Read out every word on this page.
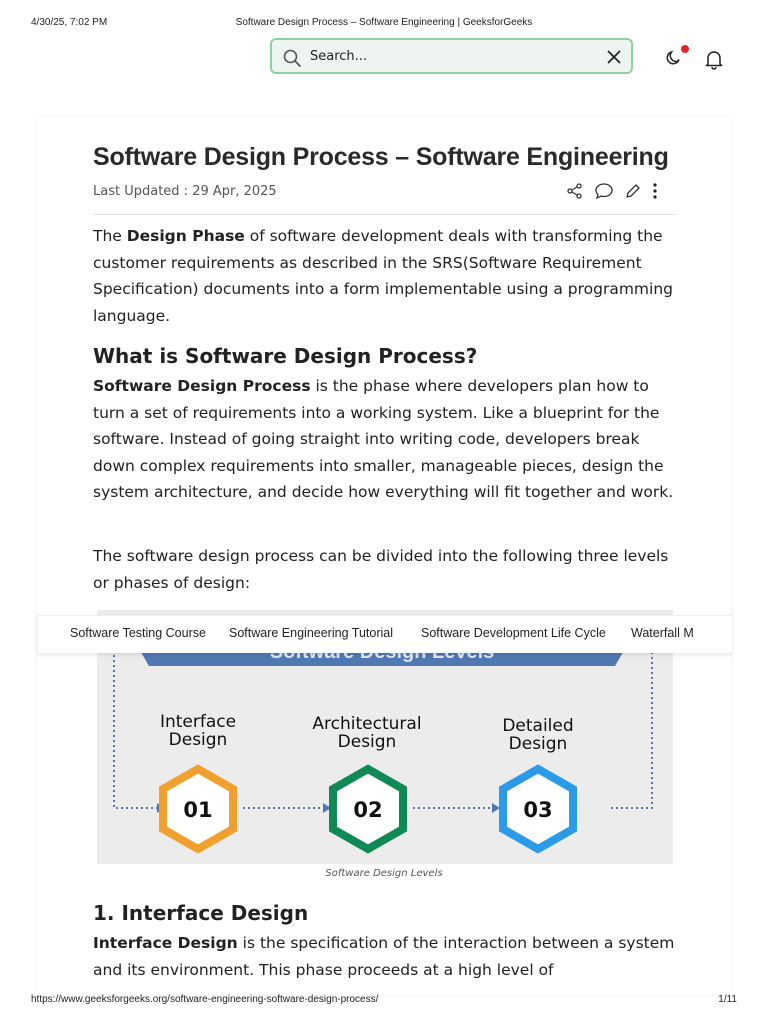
4/30/25, 7:02 PM	Software Design Process – Software Engineering | GeeksforGeeks
Search...
Software Design Process – Software Engineering
Last Updated : 29 Apr, 2025
The Design Phase of software development deals with transforming the customer requirements as described in the SRS(Software Requirement Specification) documents into a form implementable using a programming language.
What is Software Design Process?
Software Design Process is the phase where developers plan how to turn a set of requirements into a working system. Like a blueprint for the software. Instead of going straight into writing code, developers break down complex requirements into smaller, manageable pieces, design the system architecture, and decide how everything will fit together and work.
The software design process can be divided into the following three levels or phases of design:
Interface
Design
01
Architectural
Design
02
Detailed
Design
03
Software Testing Course Software Engineering Tutorial Software Development Life Cycle Waterfall M
Software Design Levels
1. Interface Design
Interface Design is the specification of the interaction between a system and its environment. This phase proceeds at a high level of
https://www.geeksforgeeks.org/software-engineering-software-design-process/	1/11
